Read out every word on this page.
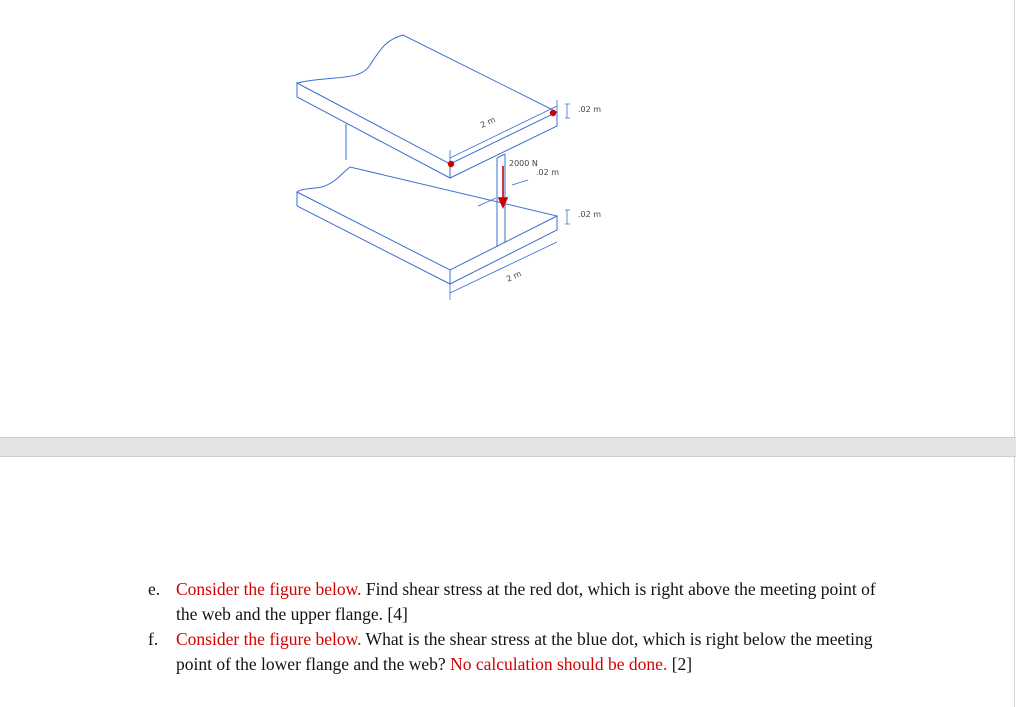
2 m
.02 m
2000 N
.02 m
.02 m
2 m
e. Consider the figure below. Find shear stress at the red dot, which is right above the meeting point of the web and the upper flange. [4]
f. Consider the figure below. What is the shear stress at the blue dot, which is right below the meeting point of the lower flange and the web? No calculation should be done. [2]
